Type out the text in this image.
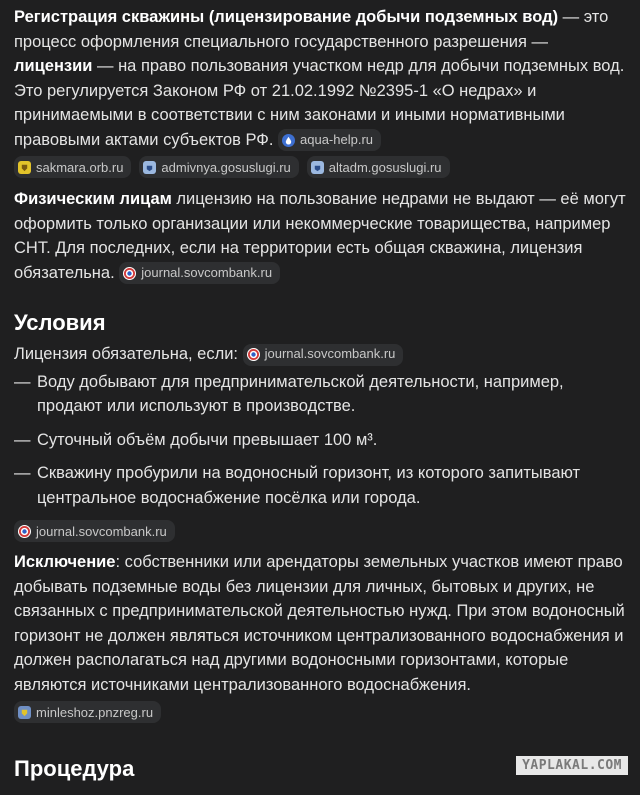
Регистрация скважины (лицензирование добычи подземных вод) — это процесс оформления специального государственного разрешения — лицензии — на право пользования участком недр для добычи подземных вод. Это регулируется Законом РФ от 21.02.1992 №2395-1 «О недрах» и принимаемыми в соответствии с ним законами и иными нормативными правовыми актами субъектов РФ. aqua-help.ru

sakmara.orb.ru	admivnya.gosuslugi.ru	altadm.gosuslugi.ru

Физическим лицам лицензию на пользование недрами не выдают — её могут оформить только организации или некоммерческие товарищества, например СНТ. Для последних, если на территории есть общая скважина, лицензия обязательна. journal.sovcombank.ru

Условия

Лицензия обязательна, если: journal.sovcombank.ru

— Воду добывают для предпринимательской деятельности, например, продают или используют в производстве.
— Суточный объём добычи превышает 100 м³.
— Скважину пробурили на водоносный горизонт, из которого запитывают центральное водоснабжение посёлка или города.
journal.sovcombank.ru

Исключение: собственники или арендаторы земельных участков имеют право добывать подземные воды без лицензии для личных, бытовых и других, не связанных с предпринимательской деятельностью нужд. При этом водоносный горизонт не должен являться источником централизованного водоснабжения и должен располагаться над другими водоносными горизонтами, которые являются источниками централизованного водоснабжения.

minleshoz.pnzreg.ru
Процедура	YAPLAKAL.COM
